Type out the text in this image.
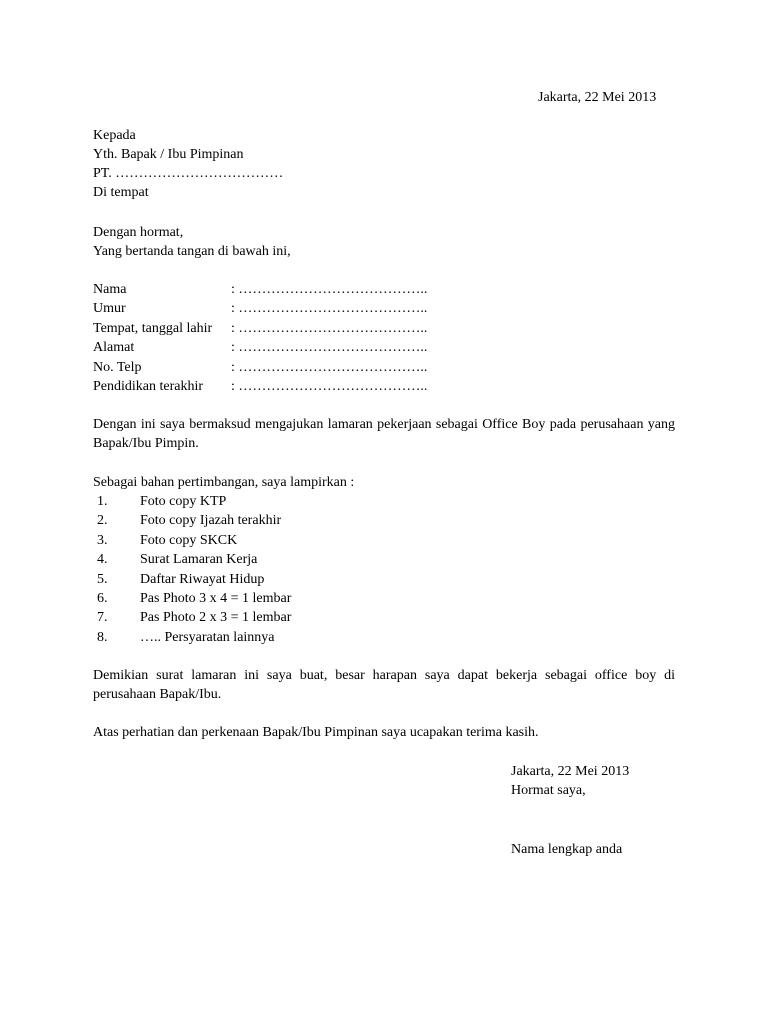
Jakarta, 22 Mei 2013
Kepada
Yth. Bapak / Ibu Pimpinan
PT. ………………………………
Di tempat
Dengan hormat,
Yang bertanda tangan di bawah ini,
Nama	: …………………………………..
Umur	: …………………………………..
Tempat, tanggal lahir : …………………………………..
Alamat	: …………………………………..
No. Telp	: …………………………………..
Pendidikan terakhir : …………………………………..
Dengan ini saya bermaksud mengajukan lamaran pekerjaan sebagai Office Boy pada perusahaan yang Bapak/Ibu Pimpin.
Sebagai bahan pertimbangan, saya lampirkan :
1. Foto copy KTP
2. Foto copy Ijazah terakhir
3. Foto copy SKCK
4. Surat Lamaran Kerja
5. Daftar Riwayat Hidup
6. Pas Photo 3 x 4 = 1 lembar
7. Pas Photo 2 x 3 = 1 lembar
8. ….. Persyaratan lainnya
Demikian surat lamaran ini saya buat, besar harapan saya dapat bekerja sebagai office boy di perusahaan Bapak/Ibu.
Atas perhatian dan perkenaan Bapak/Ibu Pimpinan saya ucapakan terima kasih.
Jakarta, 22 Mei 2013
Hormat saya,
Nama lengkap anda
